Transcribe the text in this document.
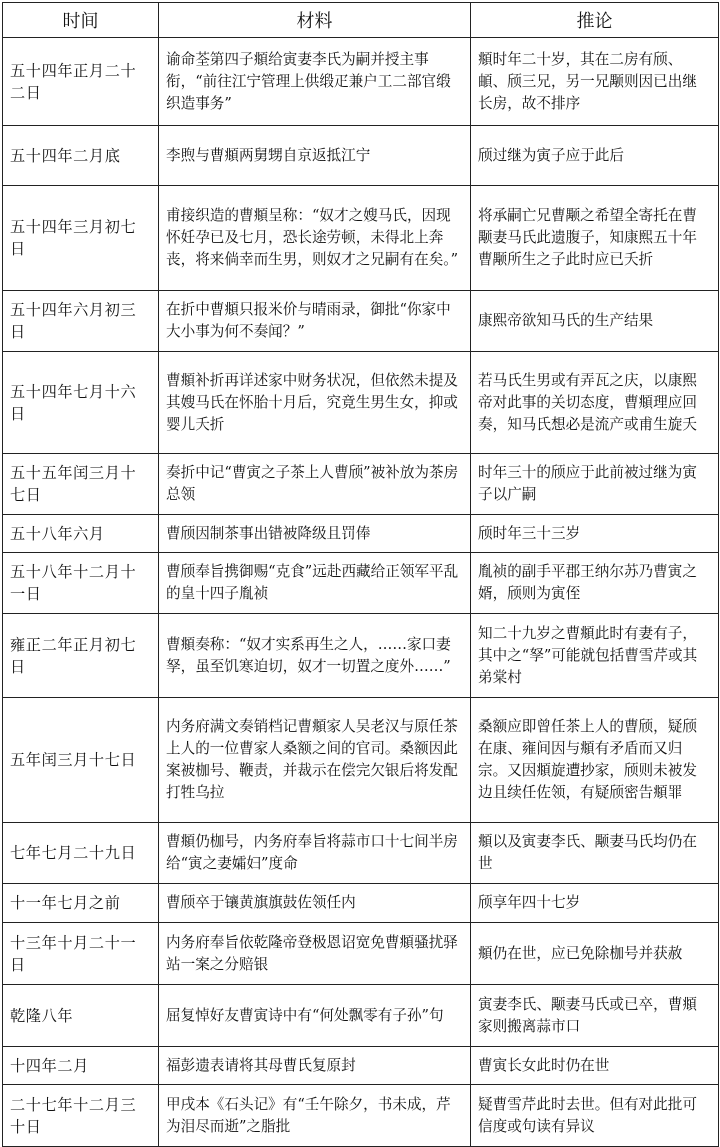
时间	材料	推论
五十四年正月二十二日	谕命荃第四子頫给寅妻李氏为嗣并授主事衔，“前往江宁管理上供缎疋兼户工二部官缎织造事务”	頫时年二十岁，其在二房有颀、頔、颀三兄，另一兄颙则因已出继长房，故不排序
五十四年二月底	李煦与曹頫两舅甥自京返抵江宁	颀过继为寅子应于此后
五十四年三月初七日	甫接织造的曹頫呈称：“奴才之嫂马氏，因现怀妊孕已及七月，恐长途劳顿，未得北上奔丧，将来倘幸而生男，则奴才之兄嗣有在矣。”	将承嗣亡兄曹颙之希望全寄托在曹颙妻马氏此遗腹子，知康熙五十年曹颙所生之子此时应已夭折
五十四年六月初三日	在折中曹頫只报米价与晴雨录，御批“你家中大小事为何不奏闻？”	康熙帝欲知马氏的生产结果
五十四年七月十六日	曹頫补折再详述家中财务状况，但依然未提及其嫂马氏在怀胎十月后，究竟生男生女，抑或婴儿夭折	若马氏生男或有弄瓦之庆，以康熙帝对此事的关切态度，曹頫理应回奏，知马氏想必是流产或甫生旋夭
五十五年闰三月十七日	奏折中记“曹寅之子茶上人曹颀”被补放为茶房总领	时年三十的颀应于此前被过继为寅子以广嗣
五十八年六月	曹颀因制茶事出错被降级且罚俸	颀时年三十三岁
五十八年十二月十一日	曹颀奉旨携御赐“克食”远赴西藏给正领军平乱的皇十四子胤祯	胤祯的副手平郡王纳尔苏乃曹寅之婿，颀则为寅侄
雍正二年正月初七日	曹頫奏称：“奴才实系再生之人，……家口妻孥，虽至饥寒迫切，奴才一切置之度外……”	知二十九岁之曹頫此时有妻有子，其中之“孥”可能就包括曹雪芹或其弟棠村
五年闰三月十七日	内务府满文奏销档记曹頫家人吴老汉与原任茶上人的一位曹家人桑额之间的官司。桑额因此案被枷号、鞭责，并裁示在偿完欠银后将发配打牲乌拉	桑额应即曾任茶上人的曹颀，疑颀在康、雍间因与頫有矛盾而又归宗。又因頫旋遭抄家，颀则未被发边且续任佐领，有疑颀密告頫罪
七年七月二十九日	曹頫仍枷号，内务府奉旨将蒜市口十七间半房给“寅之妻孀妇”度命	頫以及寅妻李氏、颙妻马氏均仍在世
十一年七月之前	曹颀卒于镶黄旗旗鼓佐领任内	颀享年四十七岁
十三年十月二十一日	内务府奉旨依乾隆帝登极恩诏宽免曹頫骚扰驿站一案之分赔银	頫仍在世，应已免除枷号并获赦
乾隆八年	屈复悼好友曹寅诗中有“何处飘零有子孙”句	寅妻李氏、颙妻马氏或已卒，曹頫家则搬离蒜市口
十四年二月	福彭遗表请将其母曹氏复原封	曹寅长女此时仍在世
二十七年十二月三十日	甲戌本《石头记》有“壬午除夕，书未成，芹为泪尽而逝”之脂批	疑曹雪芹此时去世。但有对此批可信度或句读有异议
